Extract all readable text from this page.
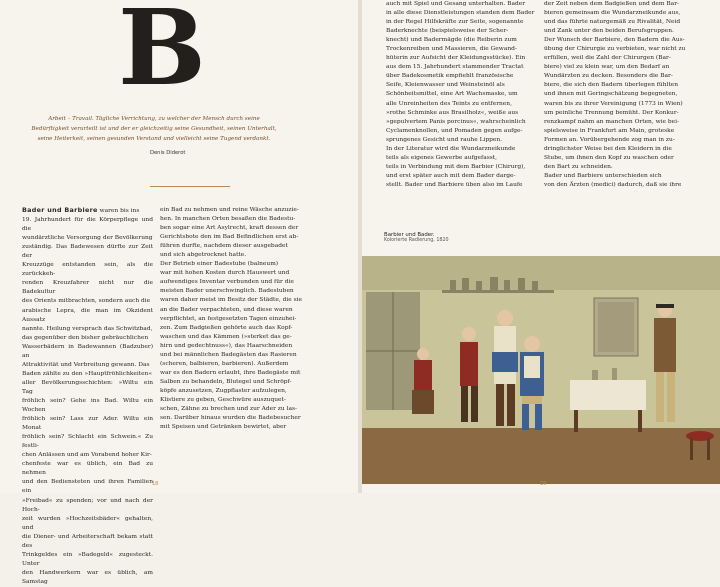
B
Arbeit – Travail. Tägliche Verrichtung, zu welcher der Mensch durch seine
Bedürftigkeit verurteilt ist und der er gleichzeitig seine Gesundheit, seinen Unterhalt,
seine Heiterkeit, seinen gesunden Verstand und vielleicht seine Tugend verdankt.
Denis Diderot

Bader und Barbiere waren bis ins

19. Jahrhundert für die Körperpflege und die
wundärztliche Versorgung der Bevölkerung
zuständig. Das Badewesen dürfte zur Zeit der
Kreuzzüge entstanden sein, als die zurückkeh-
renden Kreuzfahrer nicht nur die Badekultur
des Orients mitbrachten, sondern auch die
arabische Lepra, die man im Okzident Aussatz
nannte. Heilung versprach das Schwitzbad,
das gegenüber den bisher gebräuchlichen
Wasserbädern in Badewannen (Badzuber) an
Attraktivität und Verbreitung gewann. Das
Baden zählte zu den »Hauptfröhlichkeiten«
aller Bevölkerungsschichten: »Wiltu ein Tag
fröhlich sein? Gehe ins Bad. Wiltu ein Wochen
fröhlich sein? Lass zur Ader. Wiltu ein Monat
fröhlich sein? Schlacht ein Schwein.« Zu festli-
chen Anlässen und am Vorabend hoher Kir-
chenfeste war es üblich, ein Bad zu nehmen
und den Bediensteten und ihren Familien ein
»Freibad« zu spenden; vor und nach der Hoch-
zeit wurden »Hochzeitsbäder« gehalten, und
die Diener- und Arbeiterschaft bekam statt des
Trinkgeldes ein »Badegeld« zugesteckt. Unter
den Handwerkern war es üblich, am Samstag
ein Bad zu nehmen und reine Wäsche anzuzie-
hen. In manchen Orten besaßen die Badestu-
ben sogar eine Art Asylrecht, kraft dessen der
Gerichtsbote den im Bad Befindlichen erst ab-
führen durfte, nachdem dieser ausgebadet
und sich abgetrocknet hatte.
Der Betrieb einer Badestube (balneum)
war mit hohen Kosten durch Hauswert und
aufwendiges Inventar verbunden und für die
meisten Bader unerschwinglich. Badestuben
waren daher meist im Besitz der Städte, die sie
an die Bader verpachteten, und diese waren
verpflichtet, an festgesetzten Tagen einzuhei-
zen. Zum Badgießen gehörte auch das Kopf-
waschen und das Kämmen (»sterket das ge-
hirn und gedechtnuss«), das Haarschneiden
und bei männlichen Badegästen das Rasieren
(scheren, balbieren, barbieren). Außerdem
war es den Badern erlaubt, ihre Badegäste mit
Salben zu behandeln, Blutegel und Schröpf-
köpfe anzusetzen, Zugpflaster aufzulegen,
Klistiere zu geben, Geschwüre auszuquet-
schen, Zähne zu brechen und zur Ader zu las-
sen. Darüber hinaus wurden die Badebesucher
mit Speisen und Getränken bewirtet, aber
18
auch mit Spiel und Gesang unterhalten. Bader
in alle diese Dienstleistungen standen dem Bader
in der Regel Hilfskräfte zur Seite, sogenannte
Baderknechte (beispielsweise der Scher-
knecht) und Badermägde (die Reiberin zum
Trockenreiben und Massieren, die Gewand-
hüterin zur Aufsicht der Kleidungsstücke). Ein
aus dem 15. Jahrhundert stammender Tractat
über Badekosmetik empfiehlt französische
Seife, Kleienwasser und Weinsteinöl als
Schönheitsmittel, eine Art Wachsmaske, um
alle Unreinheiten des Teints zu entfernen,
»rothe Schminke aus Brasilholz«, weiße aus
»gepulvertem Panis porcinus«, wahrscheinlich
Cyclamenknollen, und Pomaden gegen aufge-
sprungenes Gesicht und rauhe Lippen.
In der Literatur wird die Wundarzneikunde
teils als eigenes Gewerbe aufgefasst,
teils in Verbindung mit dem Barbier (Chirurg),
und erst später auch mit dem Bader darge-
stellt. Bader und Barbiere üben also im Laufe
der Zeit neben dem Badgießen und dem Bar-
bieren gemeinsam die Wundarzneikunde aus,
und das führte naturgemäß zu Rivalität, Neid
und Zank unter den beiden Berufsgruppen.
Der Wunsch der Barbiere, den Badern die Aus-
übung der Chirurgie zu verbieten, war nicht zu
erfüllen, weil die Zahl der Chirurgen (Bar-
biere) viel zu klein war, um den Bedarf an
Wundärzten zu decken. Besonders die Bar-
biere, die sich den Badern überlegen fühlten
und ihnen mit Geringschätzung begegneten,
waren bis zu ihrer Vereinigung (1773 in Wien)
um peinliche Trennung bemüht. Der Konkur-
renzkampf nahm an manchen Orten, wie bei-
spielsweise in Frankfurt am Main, groteske
Formen an. Vorübergehende zog man in zu-
dringlichster Weise bei den Kleidern in die
Stube, um ihnen den Kopf zu waschen oder
den Bart zu schneiden.
Bader und Barbiere unterschieden sich
von den Ärzten (medici) dadurch, daß sie ihre
Barbier und Bader.
Kolorierte Radierung, 1820
19
